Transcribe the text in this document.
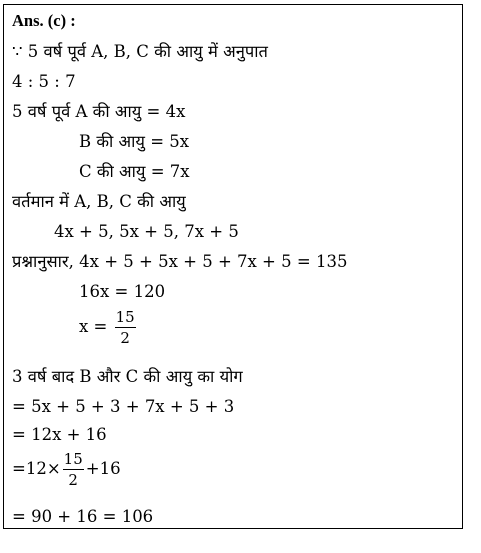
Ans. (c) :
∵ 5 वर्ष पूर्व A, B, C की आयु में अनुपात
4 : 5 : 7
5 वर्ष पूर्व A की आयु = 4x
B की आयु = 5x
C की आयु = 7x
वर्तमान में A, B, C की आयु
4x + 5, 5x + 5, 7x + 5
प्रश्नानुसार, 4x + 5 + 5x + 5 + 7x + 5 = 135
16x = 120
$x = \frac{15}{2}$
3 वर्ष बाद B और C की आयु का योग
= 5x + 5 + 3 + 7x + 5 + 3
= 12x + 16
$=12\times \frac{15}{2} +16$
= 90 + 16 = 106
